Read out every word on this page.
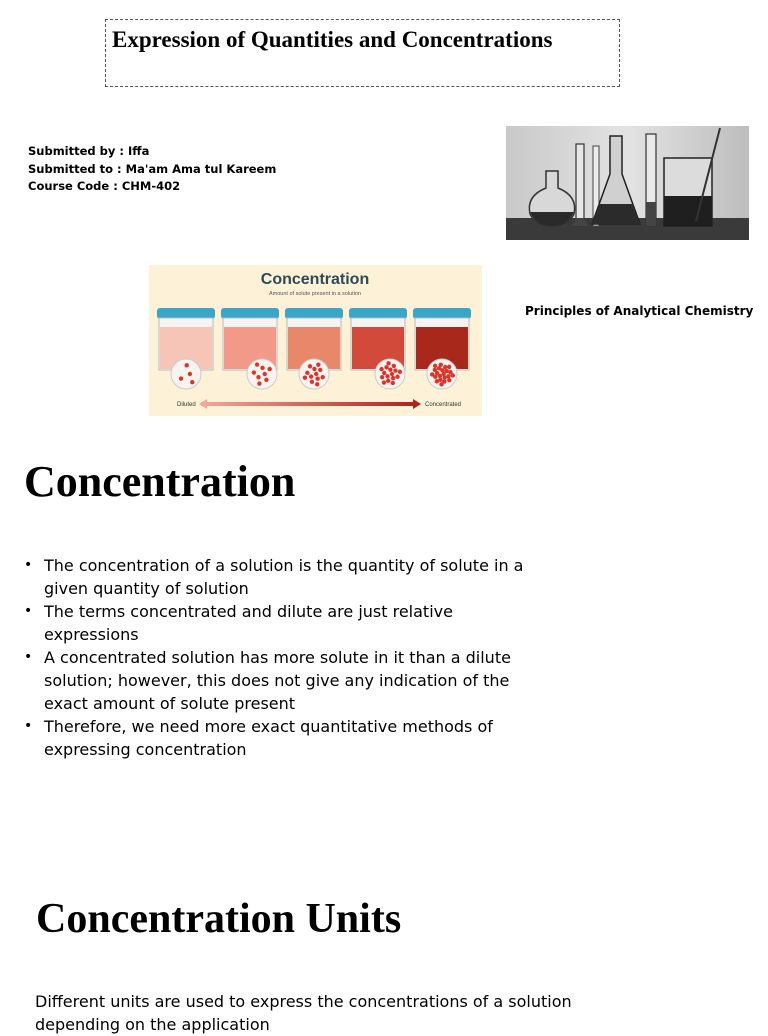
Expression of Quantities and Concentrations
Submitted by : Iffa
Submitted to : Ma'am Ama tul Kareem
Course Code : CHM-402
Concentration
Amount of solute present in a solution
Diluted	Concentrated
Principles of Analytical Chemistry
Concentration
• The concentration of a solution is the quantity of solute in a given quantity of solution
• The terms concentrated and dilute are just relative expressions
• A concentrated solution has more solute in it than a dilute solution; however, this does not give any indication of the exact amount of solute present
• Therefore, we need more exact quantitative methods of expressing concentration
Concentration Units
Different units are used to express the concentrations of a solution depending on the application
